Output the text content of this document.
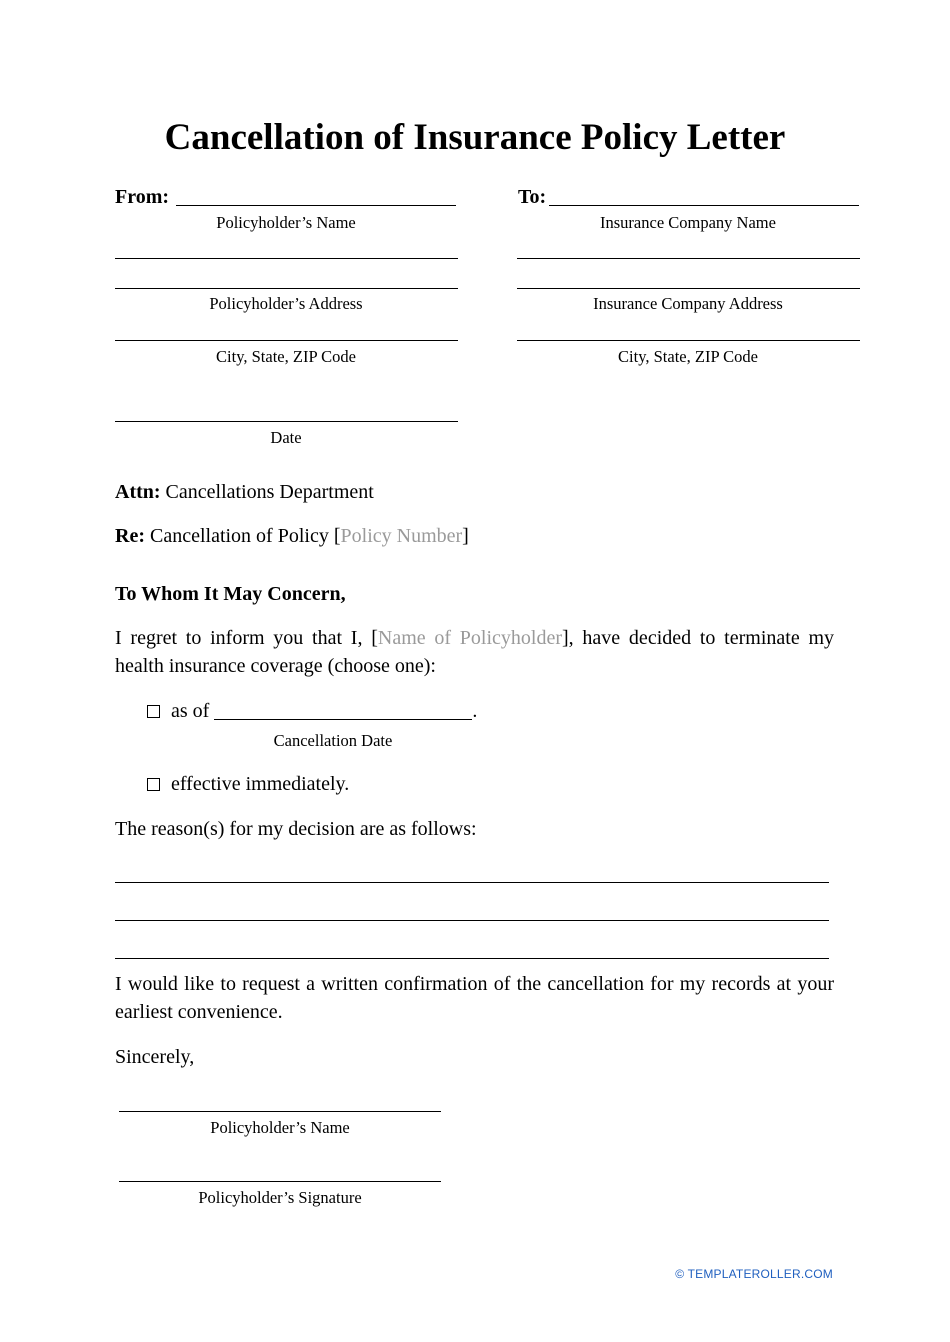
Cancellation of Insurance Policy Letter
From:
Policyholder’s Name
Policyholder’s Address
City, State, ZIP Code
Date
To:
Insurance Company Name
Insurance Company Address
City, State, ZIP Code
Attn: Cancellations Department
Re: Cancellation of Policy [Policy Number]
To Whom It May Concern,

I regret to inform you that I, [Name of Policyholder], have decided to terminate my health insurance coverage (choose one):

as of	.
Cancellation Date
effective immediately.
The reason(s) for my decision are as follows:

I would like to request a written confirmation of the cancellation for my records at your earliest convenience.

Sincerely,
Policyholder’s Name
Policyholder’s Signature
© TEMPLATEROLLER.COM
